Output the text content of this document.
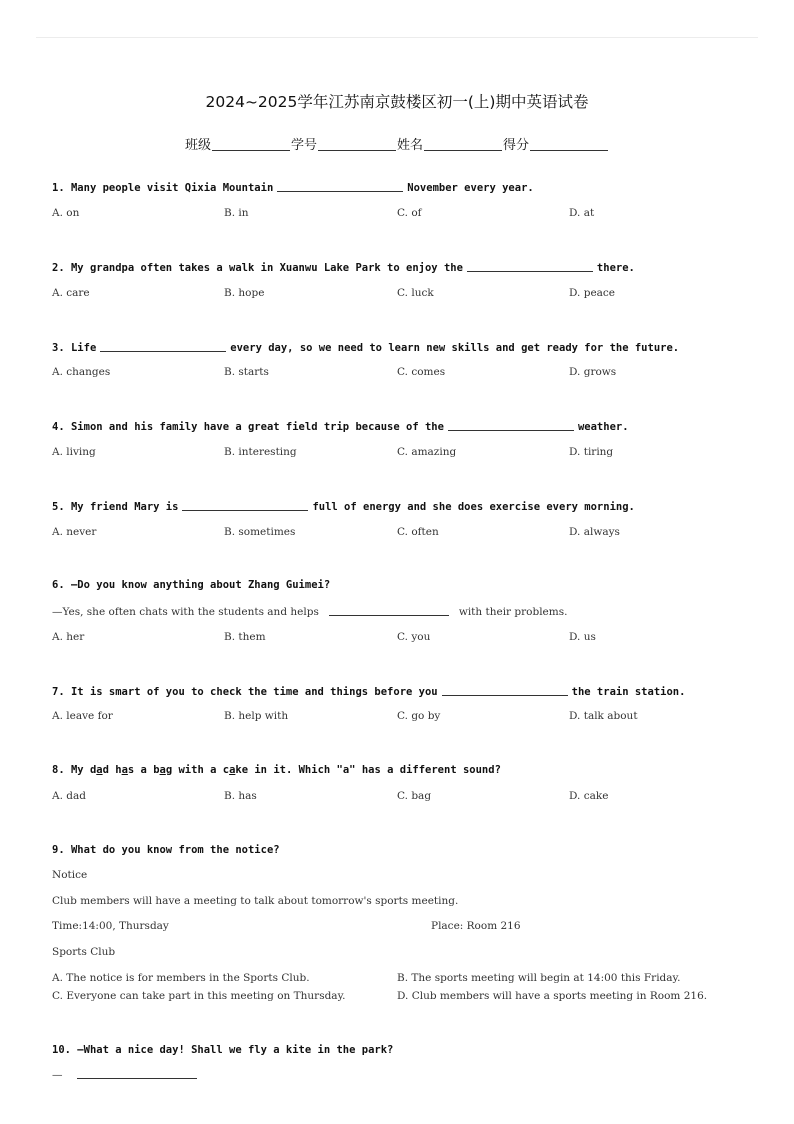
2024~2025学年江苏南京鼓楼区初一(上)期中英语试卷
班级	学号	姓名	得分
1. Many people visit Qixia Mountain	November every year.
A. on	B. in	C. of	D. at
2. My grandpa often takes a walk in Xuanwu Lake Park to enjoy the	there.
A. care	B. hope	C. luck	D. peace
3. Life	every day, so we need to learn new skills and get ready for the future.
A. changes	B. starts	C. comes	D. grows
4. Simon and his family have a great field trip because of the	weather.
A. living	B. interesting	C. amazing	D. tiring
5. My friend Mary is	full of energy and she does exercise every morning.
A. never	B. sometimes	C. often	D. always
6. —Do you know anything about Zhang Guimei?
—Yes, she often chats with the students and helps	with their problems.
A. her	B. them	C. you	D. us
7. It is smart of you to check the time and things before you	the train station.
A. leave for	B. help with	C. go by	D. talk about
8. My dad has a bag with a cake in it. Which "a" has a different sound?
A. dad	B. has	C. bag	D. cake
9. What do you know from the notice?
Notice
Club members will have a meeting to talk about tomorrow's sports meeting.
Time:14:00, Thursday	Place: Room 216
Sports Club
A. The notice is for members in the Sports Club.	B. The sports meeting will begin at 14:00 this Friday.
C. Everyone can take part in this meeting on Thursday.	D. Club members will have a sports meeting in Room 216.
10. —What a nice day! Shall we fly a kite in the park?
—
